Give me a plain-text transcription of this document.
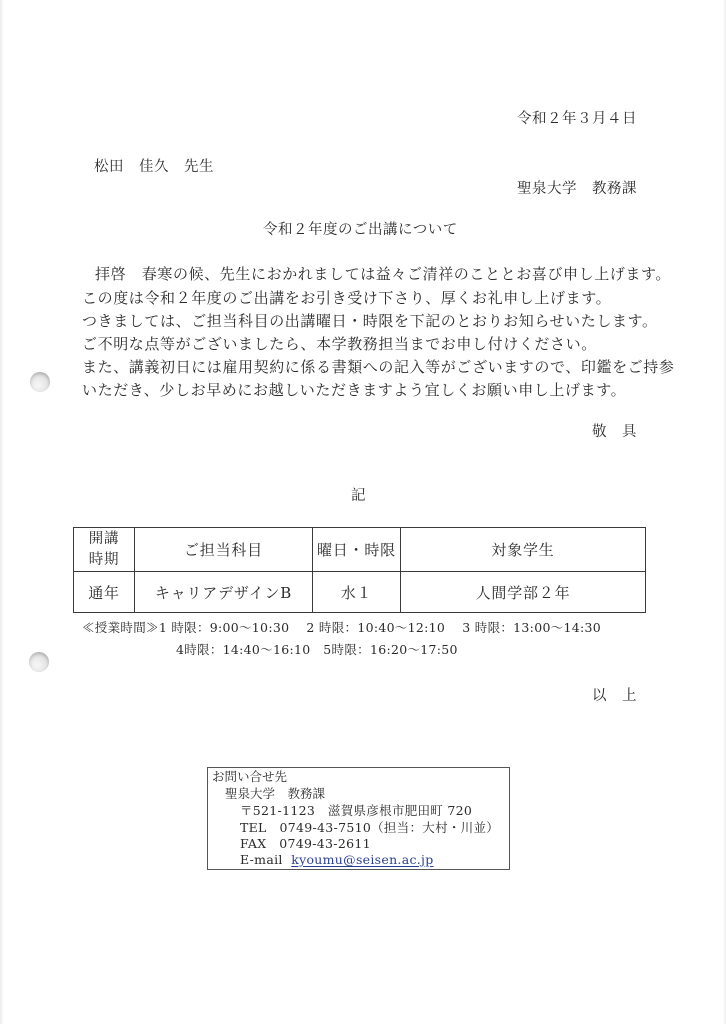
令和２年３月４日
松田　佳久　先生
聖泉大学　教務課
令和２年度のご出講について
拝啓　春寒の候、先生におかれましては益々ご清祥のこととお喜び申し上げます。
この度は令和２年度のご出講をお引き受け下さり、厚くお礼申し上げます。
つきましては、ご担当科目の出講曜日・時限を下記のとおりお知らせいたします。
ご不明な点等がございましたら、本学教務担当までお申し付けください。
また、講義初日には雇用契約に係る書類への記入等がございますので、印鑑をご持参
いただき、少しお早めにお越しいただきますよう宜しくお願い申し上げます。
敬　具
記
開講
時期	ご担当科目	曜日・時限	対象学生
通年	キャリアデザインB	水１	人間学部２年
≪授業時間≫1 時限：9:00～10:30　 2 時限：10:40～12:10　 3 時限：13:00～14:30
4時限：14:40～16:10　5時限：16:20～17:50
以　上
お問い合せ先
聖泉大学　教務課
〒521-1123　滋賀県彦根市肥田町 720
TEL 0749-43-7510（担当：大村・川並）
FAX 0749-43-2611
E-mail kyoumu@seisen.ac.jp
